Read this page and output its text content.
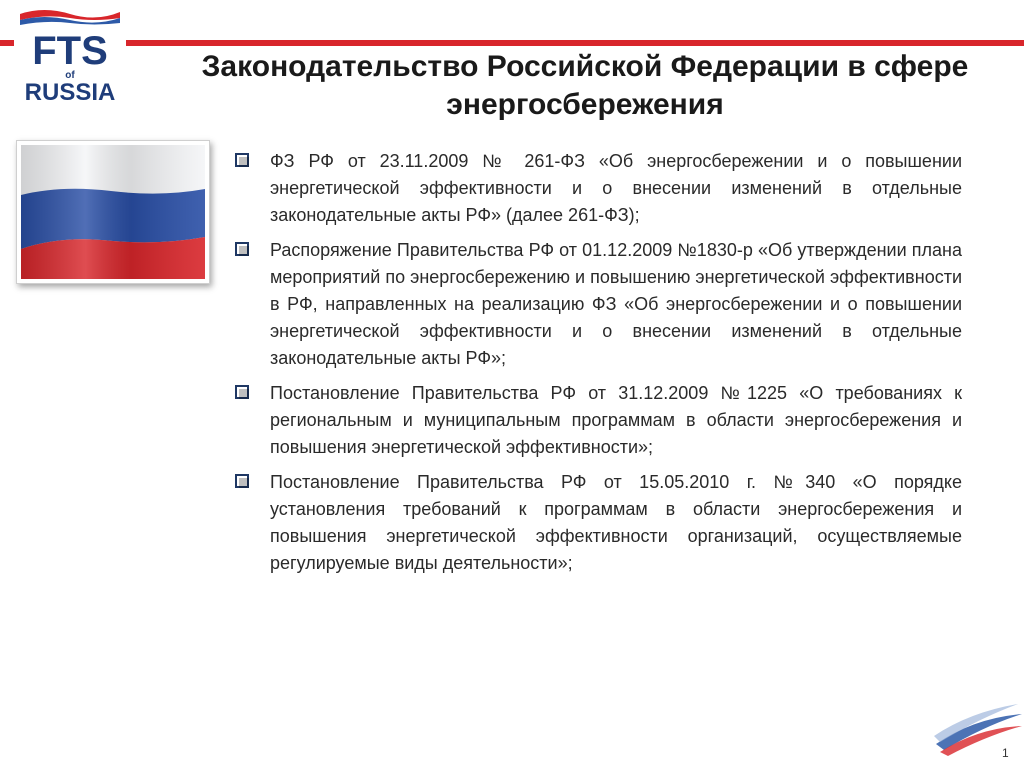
FTS
of
RUSSIA
Законодательство Российской Федерации в сфере энергосбережения
ФЗ РФ от 23.11.2009 № 261-ФЗ «Об энергосбережении и о повышении энергетической эффективности и о внесении изменений в отдельные законодательные акты РФ» (далее 261-ФЗ);
Распоряжение Правительства РФ от 01.12.2009 №1830-р «Об утверждении плана мероприятий по энергосбережению и повышению энергетической эффективности в РФ, направленных на реализацию ФЗ «Об энергосбережении и о повышении энергетической эффективности и о внесении изменений в отдельные законодательные акты РФ»;
Постановление Правительства РФ от 31.12.2009 №1225 «О требованиях к региональным и муниципальным программам в области энергосбережения и повышения энергетической эффективности»;
Постановление Правительства РФ от 15.05.2010 г. №340 «О порядке установления требований к программам в области энергосбережения и повышения энергетической эффективности организаций, осуществляемые регулируемые виды деятельности»;
1
